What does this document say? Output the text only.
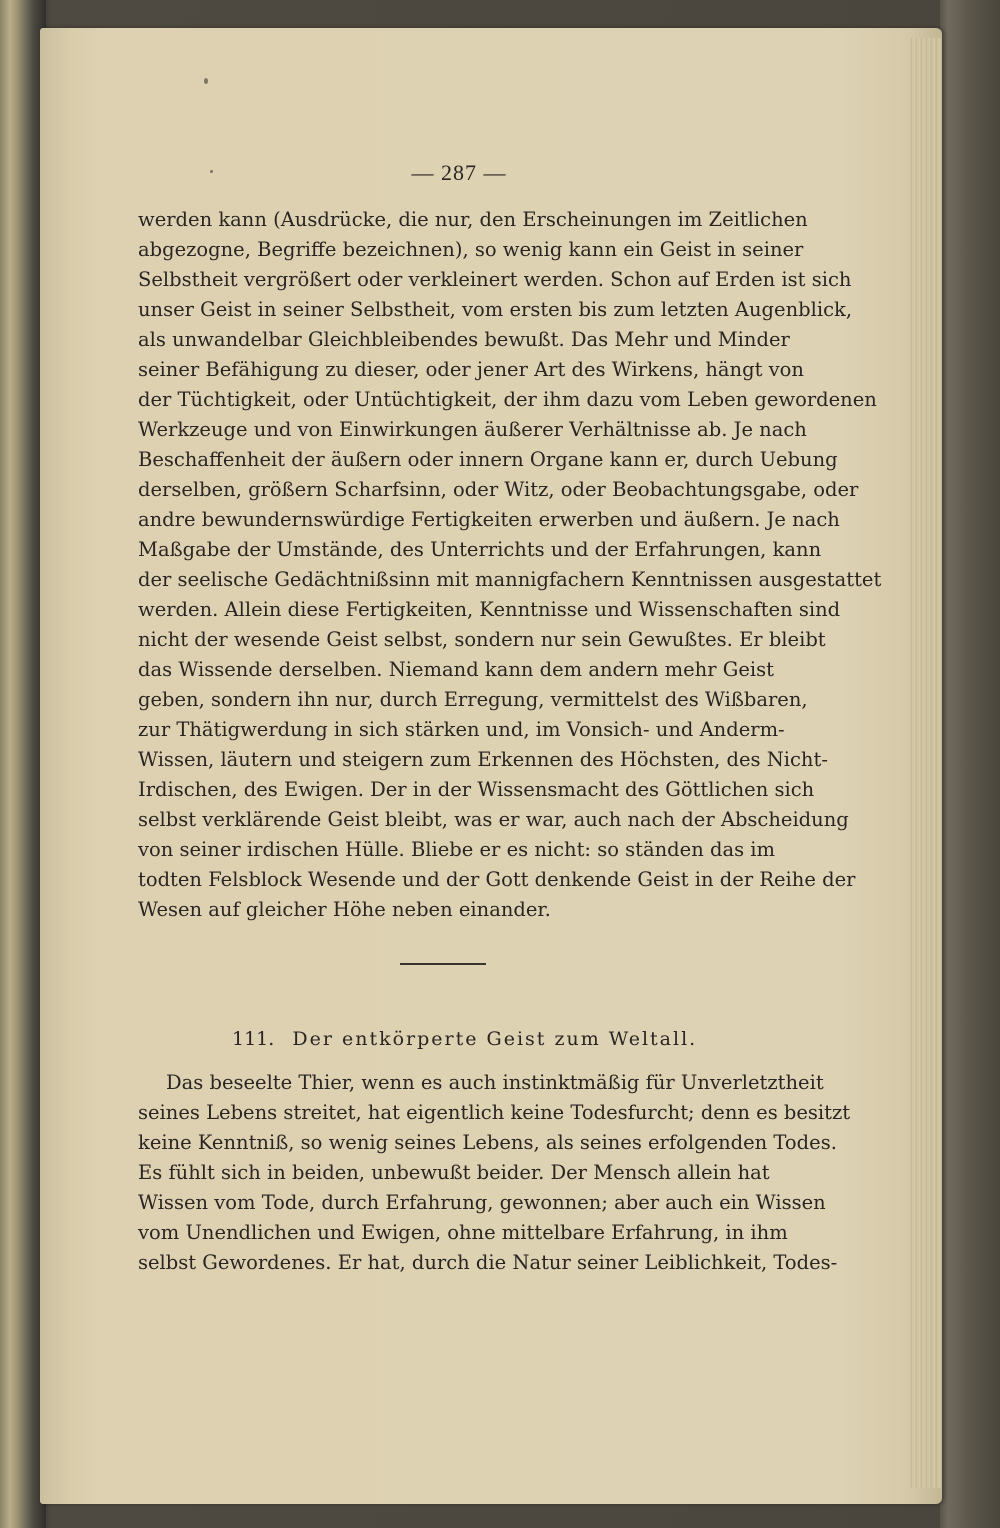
— 287 —
werden kann (Ausdrücke, die nur, den Erscheinungen im Zeitlichen
abgezogne, Begriffe bezeichnen), so wenig kann ein Geist in seiner
Selbstheit vergrößert oder verkleinert werden. Schon auf Erden ist sich
unser Geist in seiner Selbstheit, vom ersten bis zum letzten Augenblick,
als unwandelbar Gleichbleibendes bewußt. Das Mehr und Minder
seiner Befähigung zu dieser, oder jener Art des Wirkens, hängt von
der Tüchtigkeit, oder Untüchtigkeit, der ihm dazu vom Leben gewordenen
Werkzeuge und von Einwirkungen äußerer Verhältnisse ab. Je nach
Beschaffenheit der äußern oder innern Organe kann er, durch Uebung
derselben, größern Scharfsinn, oder Witz, oder Beobachtungsgabe, oder
andre bewundernswürdige Fertigkeiten erwerben und äußern. Je nach
Maßgabe der Umstände, des Unterrichts und der Erfahrungen, kann
der seelische Gedächtnißsinn mit mannigfachern Kenntnissen ausgestattet
werden. Allein diese Fertigkeiten, Kenntnisse und Wissenschaften sind
nicht der wesende Geist selbst, sondern nur sein Gewußtes. Er bleibt
das Wissende derselben. Niemand kann dem andern mehr Geist
geben, sondern ihn nur, durch Erregung, vermittelst des Wißbaren,
zur Thätigwerdung in sich stärken und, im Vonsich- und Anderm-
Wissen, läutern und steigern zum Erkennen des Höchsten, des Nicht-
Irdischen, des Ewigen. Der in der Wissensmacht des Göttlichen sich
selbst verklärende Geist bleibt, was er war, auch nach der Abscheidung
von seiner irdischen Hülle. Bliebe er es nicht: so ständen das im
todten Felsblock Wesende und der Gott denkende Geist in der Reihe der
Wesen auf gleicher Höhe neben einander.
111. Der entkörperte Geist zum Weltall.
Das beseelte Thier, wenn es auch instinktmäßig für Unverletztheit
seines Lebens streitet, hat eigentlich keine Todesfurcht; denn es besitzt
keine Kenntniß, so wenig seines Lebens, als seines erfolgenden Todes.
Es fühlt sich in beiden, unbewußt beider. Der Mensch allein hat
Wissen vom Tode, durch Erfahrung, gewonnen; aber auch ein Wissen
vom Unendlichen und Ewigen, ohne mittelbare Erfahrung, in ihm
selbst Gewordenes. Er hat, durch die Natur seiner Leiblichkeit, Todes-
